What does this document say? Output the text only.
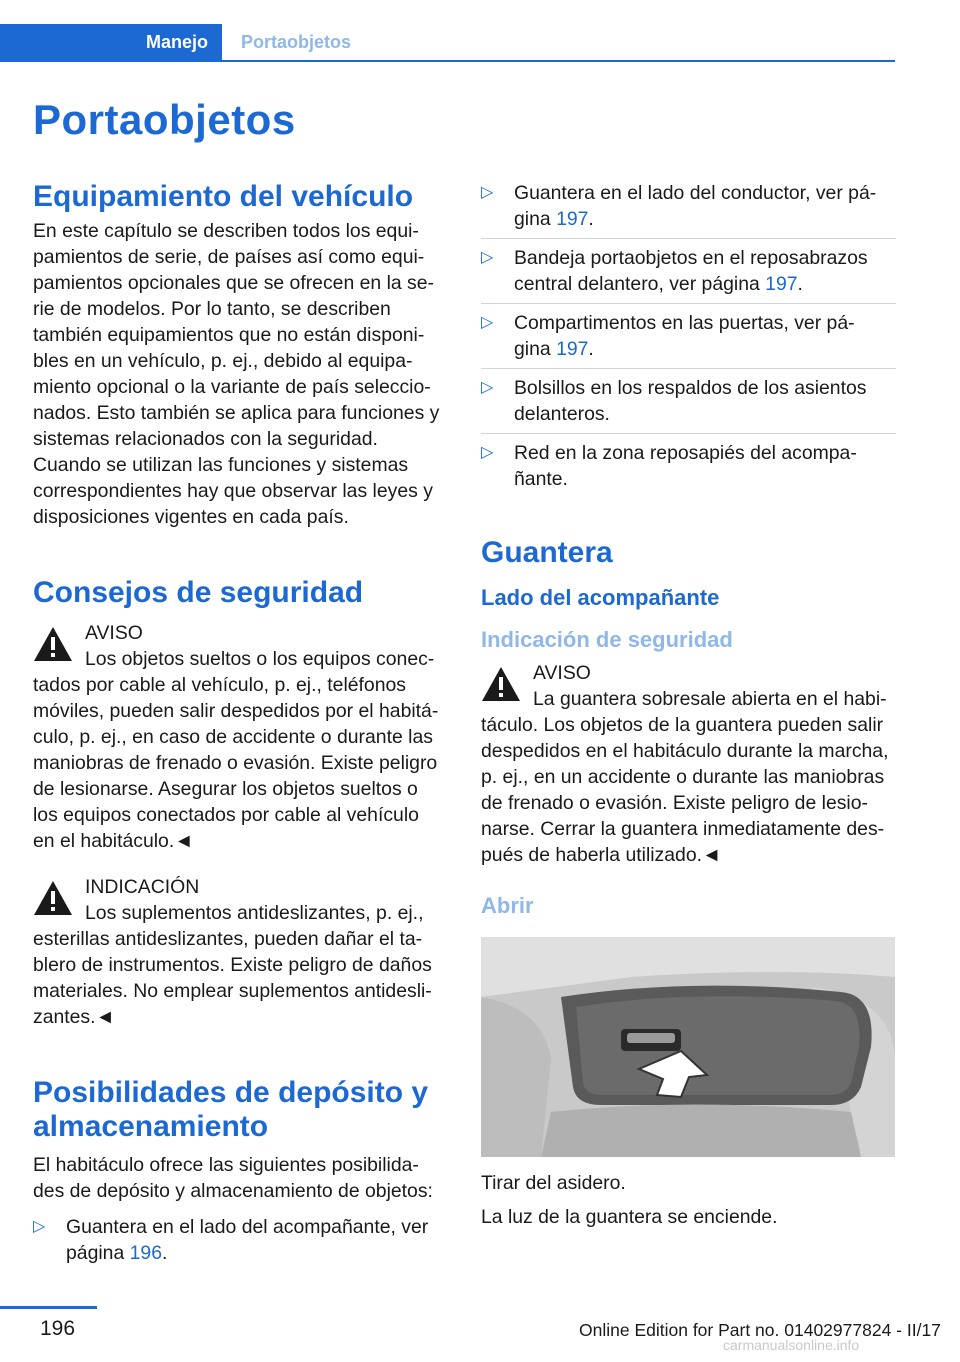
Manejo Portaobjetos
Portaobjetos
Equipamiento del vehículo

En este capítulo se describen todos los equi-

pamientos de serie, de países así como equi-

pamientos opcionales que se ofrecen en la se-

rie de modelos. Por lo tanto, se describen

también equipamientos que no están disponi-

bles en un vehículo, p. ej., debido al equipa-

miento opcional o la variante de país seleccio-

nados. Esto también se aplica para funciones y

sistemas relacionados con la seguridad.

Cuando se utilizan las funciones y sistemas

correspondientes hay que observar las leyes y

disposiciones vigentes en cada país.

Consejos de seguridad

AVISO

Los objetos sueltos o los equipos conec-

tados por cable al vehículo, p. ej., teléfonos

móviles, pueden salir despedidos por el habitá-

culo, p. ej., en caso de accidente o durante las

maniobras de frenado o evasión. Existe peligro

de lesionarse. Asegurar los objetos sueltos o

los equipos conectados por cable al vehículo

en el habitáculo.◄

INDICACIÓN

Los suplementos antideslizantes, p. ej.,

esterillas antideslizantes, pueden dañar el ta-

blero de instrumentos. Existe peligro de daños

materiales. No emplear suplementos antidesli-

zantes.◄

Posibilidades de depósito y
almacenamiento

El habitáculo ofrece las siguientes posibilida-

des de depósito y almacenamiento de objetos:

▷ Guantera en el lado del acompañante, ver
página 196.
▷ Guantera en el lado del conductor, ver pá-
gina 197.
▷ Bandeja portaobjetos en el reposabrazos
central delantero, ver página 197.
▷ Compartimentos en las puertas, ver pá-
gina 197.
▷ Bolsillos en los respaldos de los asientos
delanteros.
▷ Red en la zona reposapiés del acompa-
ñante.
Guantera
Lado del acompañante
Indicación de seguridad

AVISO

La guantera sobresale abierta en el habi-

táculo. Los objetos de la guantera pueden salir

despedidos en el habitáculo durante la marcha,

p. ej., en un accidente o durante las maniobras

de frenado o evasión. Existe peligro de lesio-

narse. Cerrar la guantera inmediatamente des-

pués de haberla utilizado.◄

Abrir

Tirar del asidero.

La luz de la guantera se enciende.

196	Online Edition for Part no. 01402977824 - II/17
carmanualsonline.info
